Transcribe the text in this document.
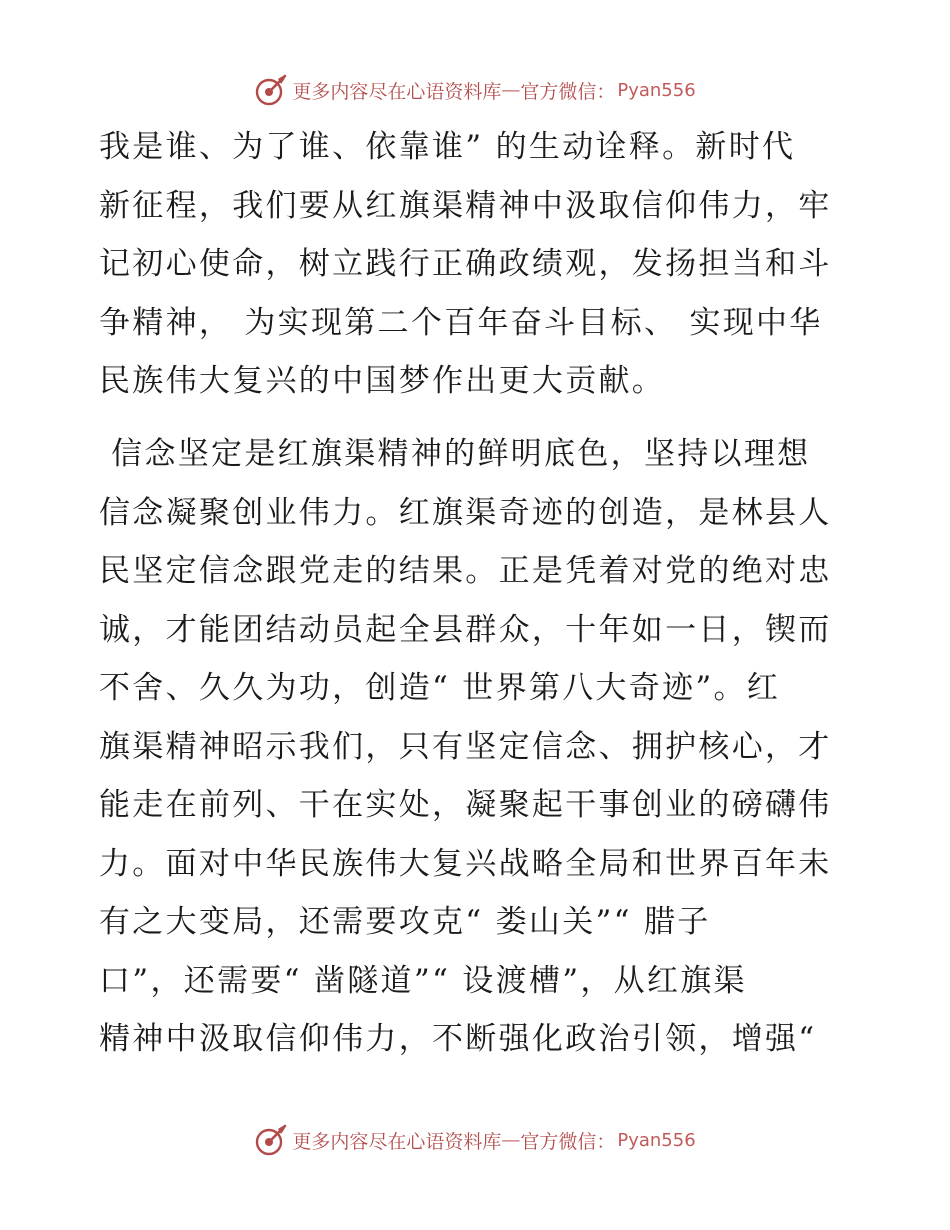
更多内容尽在心语资料库 — 官方微信： Pyan556
我是谁、为了谁、依靠谁” 的生动诠释。新时代
新征程，我们要从红旗渠精神中汲取信仰伟力，牢
记初心使命，树立践行正确政绩观，发扬担当和斗
争精神， 为实现第二个百年奋斗目标、 实现中华
民族伟大复兴的中国梦作出更大贡献。
信念坚定是红旗渠精神的鲜明底色，坚持以理想
信念凝聚创业伟力。红旗渠奇迹的创造，是林县人
民坚定信念跟党走的结果。正是凭着对党的绝对忠
诚，才能团结动员起全县群众，十年如一日，锲而
不舍、久久为功，创造“ 世界第八大奇迹”。红
旗渠精神昭示我们，只有坚定信念、拥护核心，才
能走在前列、干在实处，凝聚起干事创业的磅礴伟
力。面对中华民族伟大复兴战略全局和世界百年未
有之大变局，还需要攻克“ 娄山关”“ 腊子
口”，还需要“ 凿隧道”“ 设渡槽”，从红旗渠
精神中汲取信仰伟力，不断强化政治引领，增强“
更多内容尽在心语资料库 — 官方微信： Pyan556
